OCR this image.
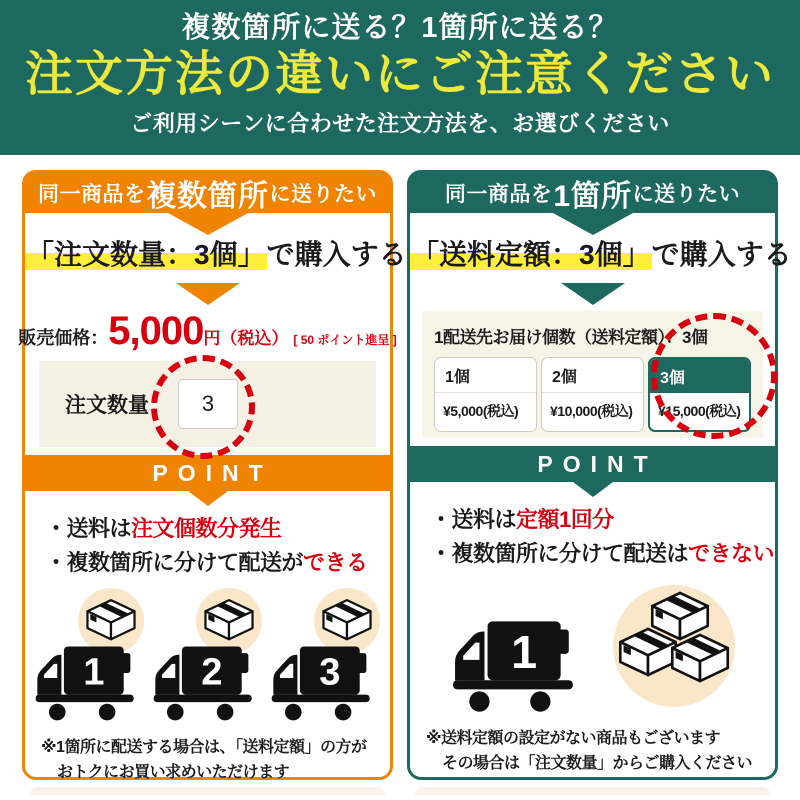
複数箇所に送る？1箇所に送る？
注文方法の違いにご注意ください
ご利用シーンに合わせた注文方法を、お選びください
同一商品を 複数箇所 に送りたい
「注文数量：3個」で購入する
販売価格： 5,000 円（税込） [ 50 ポイント進呈 ]
注文数量：	3
POINT
・送料は注文個数分発生
・複数箇所に分けて配送ができる
1 2 3
※1箇所に配送する場合は、「送料定額」の方が
おトクにお買い求めいただけます
同一商品を 1箇所 に送りたい
「送料定額：3個」で購入する
1配送先お届け個数（送料定額）：3個
1個
¥5,000(税込)
2個
¥10,000(税込)
3個
¥15,000(税込)
POINT
・送料は定額1回分
・複数箇所に分けて配送はできない
1
※送料定額の設定がない商品もございます
その場合は「注文数量」からご購入ください
